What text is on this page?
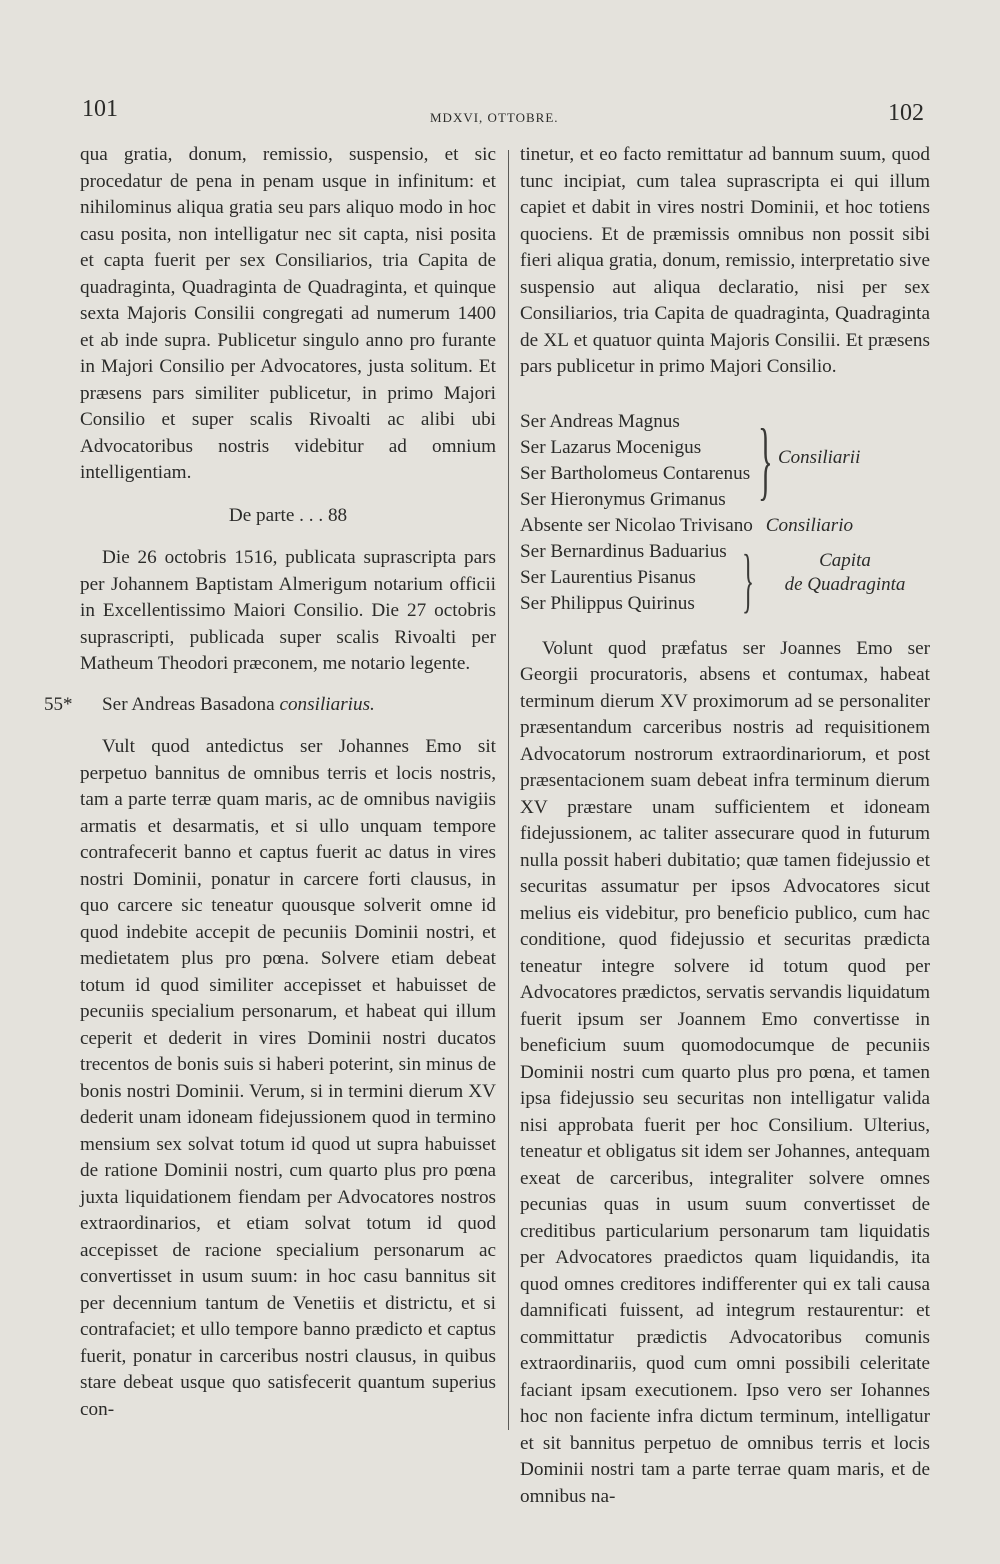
101	MDXVI, OTTOBRE.	102

qua gratia, donum, remissio, suspensio, et sic procedatur de pena in penam usque in infinitum: et nihilominus aliqua gratia seu pars aliquo modo in hoc casu posita, non intelligatur nec sit capta, nisi posita et capta fuerit per sex Consiliarios, tria Capita de quadraginta, Quadraginta de Quadraginta, et quinque sexta Majoris Consilii congregati ad numerum 1400 et ab inde supra. Publicetur singulo anno pro furante in Majori Consilio per Advocatores, justa solitum. Et præsens pars similiter publicetur, in primo Majori Consilio et super scalis Rivoalti ac alibi ubi Advocatoribus nostris videbitur ad omnium intelligentiam.

De parte . . . 88

Die 26 octobris 1516, publicata suprascripta pars per Johannem Baptistam Almerigum notarium officii in Excellentissimo Maiori Consilio. Die 27 octobris suprascripti, publicada super scalis Rivoalti per Matheum Theodori præconem, me notario legente.

55* Ser Andreas Basadona consiliarius.

Vult quod antedictus ser Johannes Emo sit perpetuo bannitus de omnibus terris et locis nostris, tam a parte terræ quam maris, ac de omnibus navigiis armatis et desarmatis, et si ullo unquam tempore contrafecerit banno et captus fuerit ac datus in vires nostri Dominii, ponatur in carcere forti clausus, in quo carcere sic teneatur quousque solverit omne id quod indebite accepit de pecuniis Dominii nostri, et medietatem plus pro pœna. Solvere etiam debeat totum id quod similiter accepisset et habuisset de pecuniis specialium personarum, et habeat qui illum ceperit et dederit in vires Dominii nostri ducatos trecentos de bonis suis si haberi poterint, sin minus de bonis nostri Dominii. Verum, si in termini dierum XV dederit unam idoneam fidejussionem quod in termino mensium sex solvat totum id quod ut supra habuisset de ratione Dominii nostri, cum quarto plus pro pœna juxta liquidationem fiendam per Advocatores nostros extraordinarios, et etiam solvat totum id quod accepisset de racione specialium personarum ac convertisset in usum suum: in hoc casu bannitus sit per decennium tantum de Venetiis et districtu, et si contrafaciet; et ullo tempore banno prædicto et captus fuerit, ponatur in carceribus nostri clausus, in quibus stare debeat usque quo satisfecerit quantum superius con-

tinetur, et eo facto remittatur ad bannum suum, quod tunc incipiat, cum talea suprascripta ei qui illum capiet et dabit in vires nostri Dominii, et hoc totiens quociens. Et de præmissis omnibus non possit sibi fieri aliqua gratia, donum, remissio, interpretatio sive suspensio aut aliqua declaratio, nisi per sex Consiliarios, tria Capita de quadraginta, Quadraginta de XL et quatuor quinta Majoris Consilii. Et præsens pars publicetur in primo Majori Consilio.

Ser Andreas Magnus
Ser Lazarus Mocenigus
Ser Bartholomeus Contarenus
Ser Hieronymus Grimanus } Consiliarii
Absente ser Nicolao Trivisano Consiliario
Ser Bernardinus Baduarius
Ser Laurentius Pisanus
Ser Philippus Quirinus }	Capita
de Quadraginta

Volunt quod præfatus ser Joannes Emo ser Georgii procuratoris, absens et contumax, habeat terminum dierum XV proximorum ad se personaliter præsentandum carceribus nostris ad requisitionem Advocatorum nostrorum extraordinariorum, et post præsentacionem suam debeat infra terminum dierum XV præstare unam sufficientem et idoneam fidejussionem, ac taliter assecurare quod in futurum nulla possit haberi dubitatio; quæ tamen fidejussio et securitas assumatur per ipsos Advocatores sicut melius eis videbitur, pro beneficio publico, cum hac conditione, quod fidejussio et securitas prædicta teneatur integre solvere id totum quod per Advocatores prædictos, servatis servandis liquidatum fuerit ipsum ser Joannem Emo convertisse in beneficium suum quomodocumque de pecuniis Dominii nostri cum quarto plus pro pœna, et tamen ipsa fidejussio seu securitas non intelligatur valida nisi approbata fuerit per hoc Consilium. Ulterius, teneatur et obligatus sit idem ser Johannes, antequam exeat de carceribus, integraliter solvere omnes pecunias quas in usum suum convertisset de creditibus particularium personarum tam liquidatis per Advocatores praedictos quam liquidandis, ita quod omnes creditores indifferenter qui ex tali causa damnificati fuissent, ad integrum restaurentur: et committatur prædictis Advocatoribus comunis extraordinariis, quod cum omni possibili celeritate faciant ipsam executionem. Ipso vero ser Iohannes hoc non faciente infra dictum terminum, intelligatur et sit bannitus perpetuo de omnibus terris et locis Dominii nostri tam a parte terrae quam maris, et de omnibus na-
